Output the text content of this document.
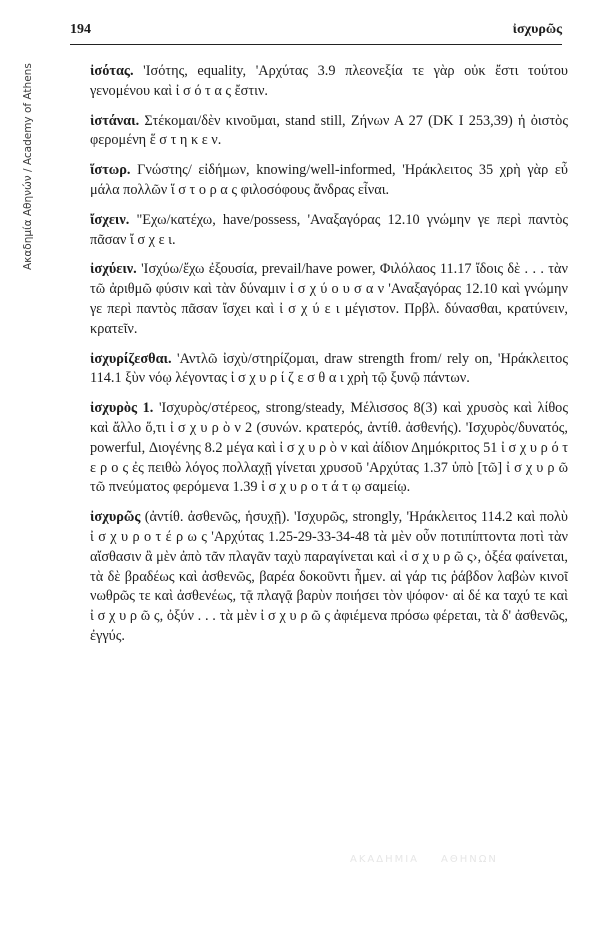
Ακαδημία Αθηνών / Academy of Athens
194	ἰσχυρῶς

ἰσότας. 'Ισότης, equality, 'Αρχύτας 3.9 πλεονεξία τε γὰρ οὐκ ἔστι τούτου γενομένου καὶ ἰ σ ό τ α ς ἔστιν.

ἱστάναι. Στέκομαι/δὲν κινοῦμαι, stand still, Ζήνων Α 27 (DK I 253,39) ἡ ὀιστὸς φερομένη ἕ σ τ η κ ε ν.

ἵστωρ. Γνώστης/ εἰδήμων, knowing/well-informed, 'Ηράκλειτος 35 χρὴ γὰρ εὖ μάλα πολλῶν ἵ σ τ ο ρ α ς φιλοσόφους ἄνδρας εἶναι.

ἴσχειν. "Εχω/κατέχω, have/possess, 'Αναξαγόρας 12.10 γνώμην γε περὶ παντὸς πᾶσαν ἴ σ χ ε ι.

ἰσχύειν. 'Ισχύω/ἔχω ἐξουσία, prevail/have power, Φιλόλαος 11.17 ἴδοις δὲ . . . τὰν τῶ ἀριθμῶ φύσιν καὶ τὰν δύναμιν ἰ σ χ ύ ο υ σ α ν 'Αναξαγόρας 12.10 καὶ γνώμην γε περὶ παντὸς πᾶσαν ἴσχει καὶ ἰ σ χ ύ ε ι μέγιστον. Πρβλ. δύνασθαι, κρατύνειν, κρατεῖν.

ἰσχυρίζεσθαι. 'Αντλῶ ἰσχὺ/στηρίζομαι, draw strength from/ rely on, 'Ηράκλειτος 114.1 ξὺν νόῳ λέγοντας ἰ σ χ υ ρ ί ζ ε σ θ α ι χρὴ τῷ ξυνῷ πάντων.

ἰσχυρὸς 1. 'Ισχυρὸς/στέρεος, strong/steady, Μέλισσος 8(3) καὶ χρυσὸς καὶ λίθος καὶ ἄλλο ὅ,τι ἰ σ χ υ ρ ὸ ν 2 (συνών. κρατερός, ἀντίθ. ἀσθενής). 'Ισχυρὸς/δυνατός, powerful, Διογένης 8.2 μέγα καὶ ἰ σ χ υ ρ ὸ ν καὶ ἀίδιον Δημόκριτος 51 ἰ σ χ υ ρ ό τ ε ρ ο ς ἐς πειθὼ λόγος πολλαχῇ γίνεται χρυσοῦ 'Αρχύτας 1.37 ὑπὸ [τῶ] ἰ σ χ υ ρ ῶ τῶ πνεύματος φερόμενα 1.39 ἰ σ χ υ ρ ο τ ά τ ῳ σαμείῳ.

ἰσχυρῶς (ἀντίθ. ἀσθενῶς, ἡσυχῇ). 'Ισχυρῶς, strongly, 'Ηράκλειτος 114.2 καὶ πολὺ ἰ σ χ υ ρ ο τ έ ρ ω ς 'Αρχύτας 1.25-29-33-34-48 τὰ μὲν οὖν ποτιπίπτοντα ποτὶ τὰν αἴσθασιν ἃ μὲν ἀπὸ τᾶν πλαγᾶν ταχὺ παραγίνεται καὶ ‹ἰ σ χ υ ρ ῶ ς›, ὀξέα φαίνεται, τὰ δὲ βραδέως καὶ ἀσθενῶς, βαρέα δοκοῦντι ἦμεν. αἱ γάρ τις ῥάβδον λαβὼν κινοῖ νωθρῶς τε καὶ ἀσθενέως, τᾷ πλαγᾷ βαρὺν ποιήσει τὸν ψόφον· αἰ δέ κα ταχύ τε καὶ ἰ σ χ υ ρ ῶ ς, ὀξύν . . . τὰ μὲν ἰ σ χ υ ρ ῶ ς ἀφιέμενα πρόσω φέρεται, τὰ δ' ἀσθενῶς, ἐγγύς.

ΑΚΑΔΗΜΙΑ ΑΘΗΝΩΝ
